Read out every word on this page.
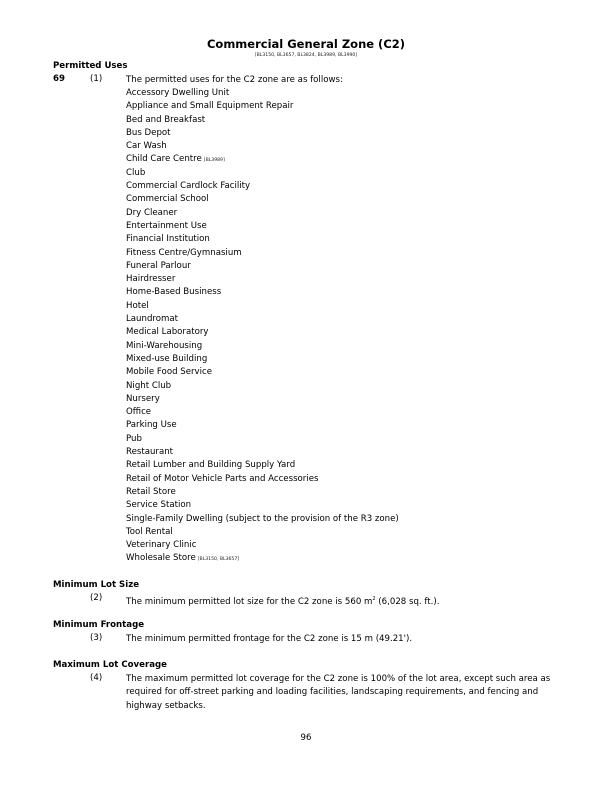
Commercial General Zone (C2)
[BL3150, BL3657, BL3824, BL3989, BL3990]
Permitted Uses
69	(1)	The permitted uses for the C2 zone are as follows:
Accessory Dwelling Unit
Appliance and Small Equipment Repair
Bed and Breakfast
Bus Depot
Car Wash
Child Care Centre [BL3989]
Club
Commercial Cardlock Facility
Commercial School
Dry Cleaner
Entertainment Use
Financial Institution
Fitness Centre/Gymnasium
Funeral Parlour
Hairdresser
Home-Based Business
Hotel
Laundromat
Medical Laboratory
Mini-Warehousing
Mixed-use Building
Mobile Food Service
Night Club
Nursery
Office
Parking Use
Pub
Restaurant
Retail Lumber and Building Supply Yard
Retail of Motor Vehicle Parts and Accessories
Retail Store
Service Station
Single-Family Dwelling (subject to the provision of the R3 zone)
Tool Rental
Veterinary Clinic
Wholesale Store [BL3150, BL3657]
Minimum Lot Size
(2)	The minimum permitted lot size for the C2 zone is 560 $m^2$ (6,028 sq. ft.).
Minimum Frontage
(3)	The minimum permitted frontage for the C2 zone is 15 m (49.21').
Maximum Lot Coverage
(4)	The maximum permitted lot coverage for the C2 zone is 100% of the lot area, except such area as required for off-street parking and loading facilities, landscaping requirements, and fencing and highway setbacks.
96
